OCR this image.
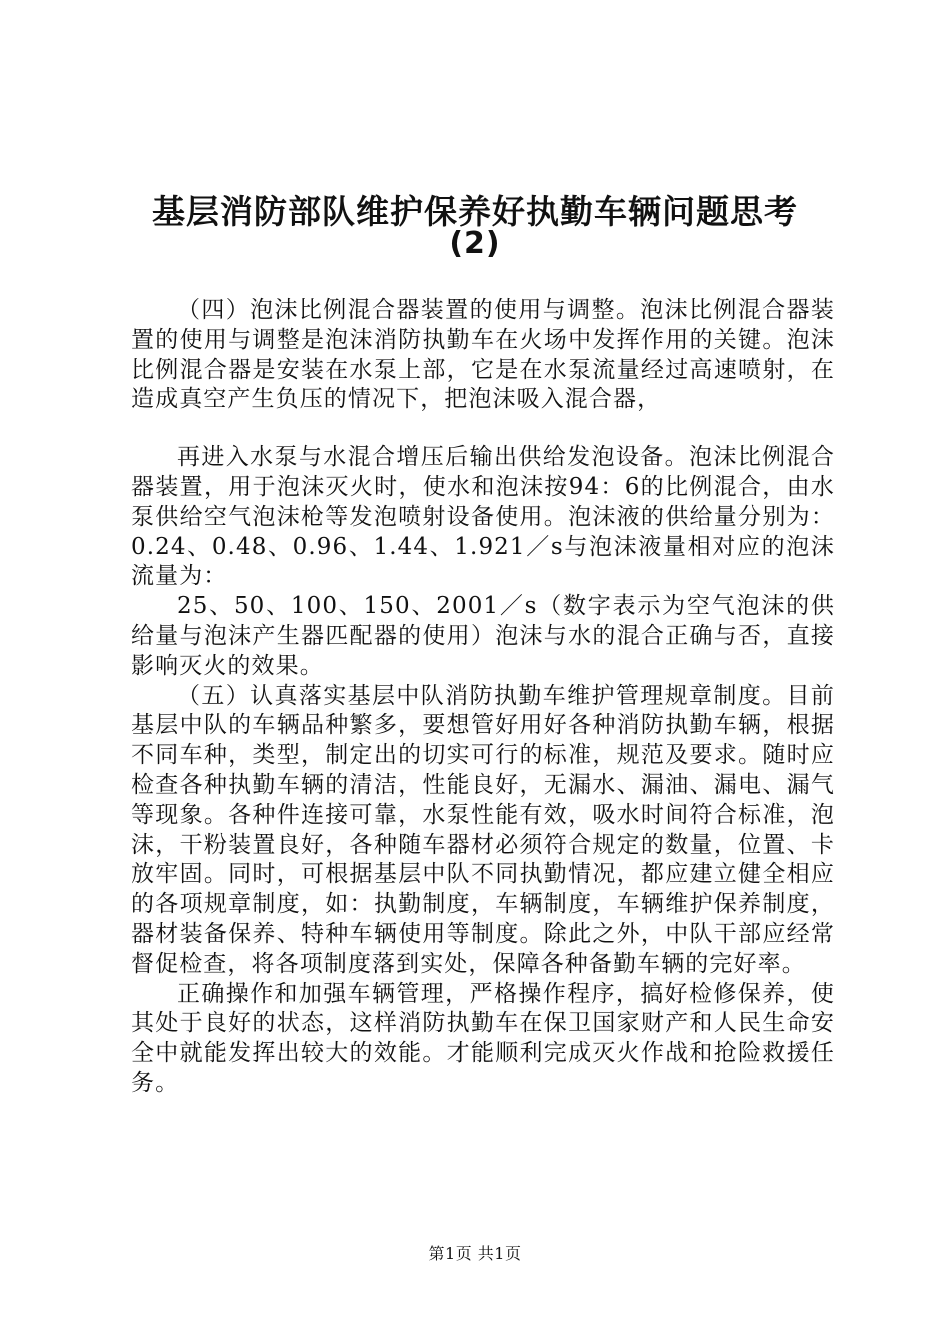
基层消防部队维护保养好执勤车辆问题思考
(2)

（四）泡沫比例混合器装置的使用与调整。泡沫比例混合器装置的使用与调整是泡沫消防执勤车在火场中发挥作用的关键。泡沫比例混合器是安装在水泵上部，它是在水泵流量经过高速喷射，在造成真空产生负压的情况下，把泡沫吸入混合器，

再进入水泵与水混合增压后输出供给发泡设备。泡沫比例混合器装置，用于泡沫灭火时，使水和泡沫按94：6的比例混合，由水泵供给空气泡沫枪等发泡喷射设备使用。泡沫液的供给量分别为：0.24、0.48、0.96、1.44、1.921／s与泡沫液量相对应的泡沫流量为：

25、50、100、150、2001／s（数字表示为空气泡沫的供给量与泡沫产生器匹配器的使用）泡沫与水的混合正确与否，直接影响灭火的效果。

（五）认真落实基层中队消防执勤车维护管理规章制度。目前基层中队的车辆品种繁多，要想管好用好各种消防执勤车辆，根据不同车种，类型，制定出的切实可行的标准，规范及要求。随时应检查各种执勤车辆的清洁，性能良好，无漏水、漏油、漏电、漏气等现象。各种件连接可靠，水泵性能有效，吸水时间符合标准，泡沫，干粉装置良好，各种随车器材必须符合规定的数量，位置、卡放牢固。同时，可根据基层中队不同执勤情况，都应建立健全相应的各项规章制度，如：执勤制度，车辆制度，车辆维护保养制度，器材装备保养、特种车辆使用等制度。除此之外，中队干部应经常督促检查，将各项制度落到实处，保障各种备勤车辆的完好率。

正确操作和加强车辆管理，严格操作程序，搞好检修保养，使其处于良好的状态，这样消防执勤车在保卫国家财产和人民生命安全中就能发挥出较大的效能。才能顺利完成灭火作战和抢险救援任务。

第1页 共1页
